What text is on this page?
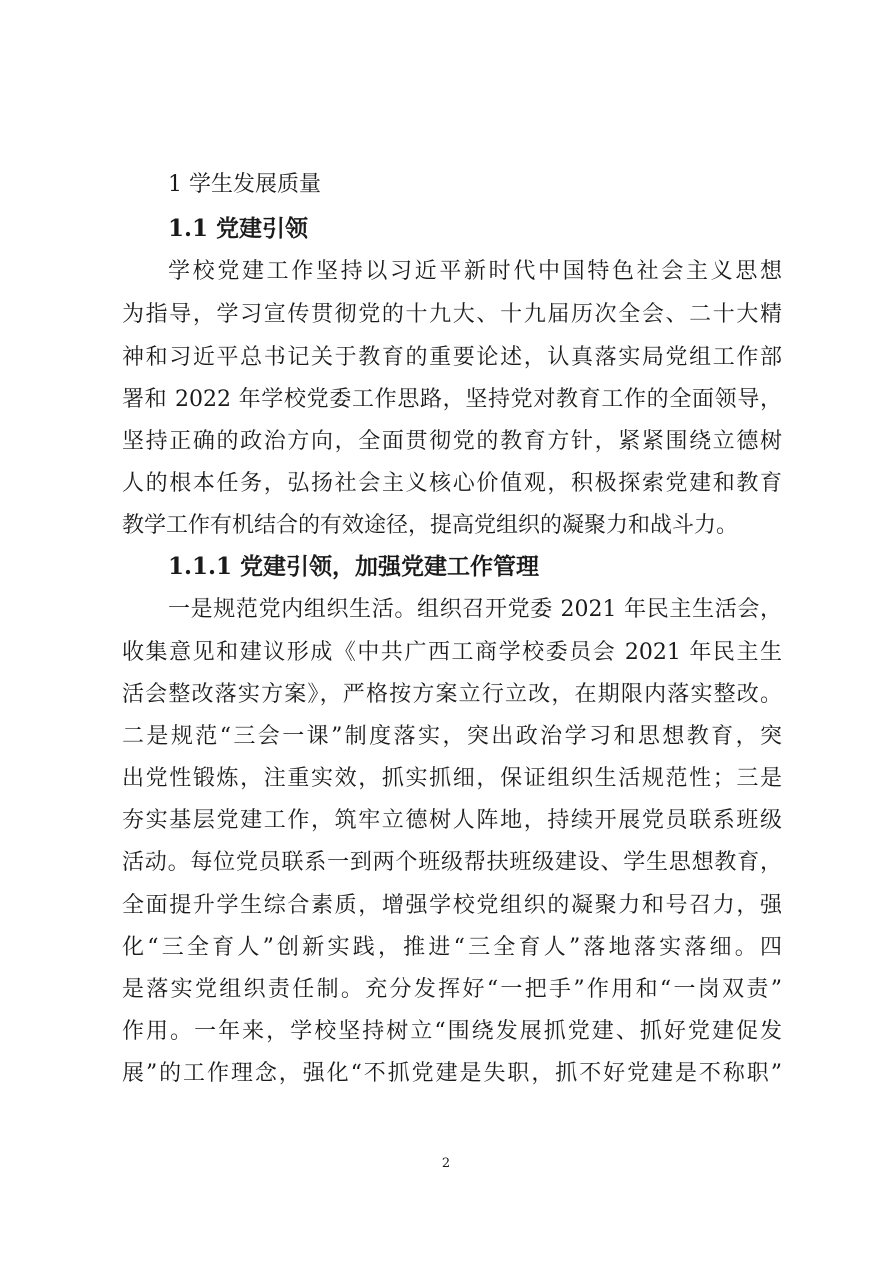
1 学生发展质量
1.1 党建引领
学校党建工作坚持以习近平新时代中国特色社会主义思想
为指导，学习宣传贯彻党的十九大、十九届历次全会、二十大精
神和习近平总书记关于教育的重要论述，认真落实局党组工作部
署和 2022 年学校党委工作思路，坚持党对教育工作的全面领导，
坚持正确的政治方向，全面贯彻党的教育方针，紧紧围绕立德树
人的根本任务，弘扬社会主义核心价值观，积极探索党建和教育
教学工作有机结合的有效途径，提高党组织的凝聚力和战斗力。
1.1.1 党建引领，加强党建工作管理
一是规范党内组织生活。组织召开党委 2021 年民主生活会，
收集意见和建议形成《中共广西工商学校委员会 2021 年民主生
活会整改落实方案》，严格按方案立行立改，在期限内落实整改。
二是规范“三会一课”制度落实，突出政治学习和思想教育，突
出党性锻炼，注重实效，抓实抓细，保证组织生活规范性；三是
夯实基层党建工作，筑牢立德树人阵地，持续开展党员联系班级
活动。每位党员联系一到两个班级帮扶班级建设、学生思想教育，
全面提升学生综合素质，增强学校党组织的凝聚力和号召力，强
化“三全育人”创新实践，推进“三全育人”落地落实落细。四
是落实党组织责任制。充分发挥好“一把手”作用和“一岗双责”
作用。一年来，学校坚持树立“围绕发展抓党建、抓好党建促发
展”的工作理念，强化“不抓党建是失职，抓不好党建是不称职”
2
